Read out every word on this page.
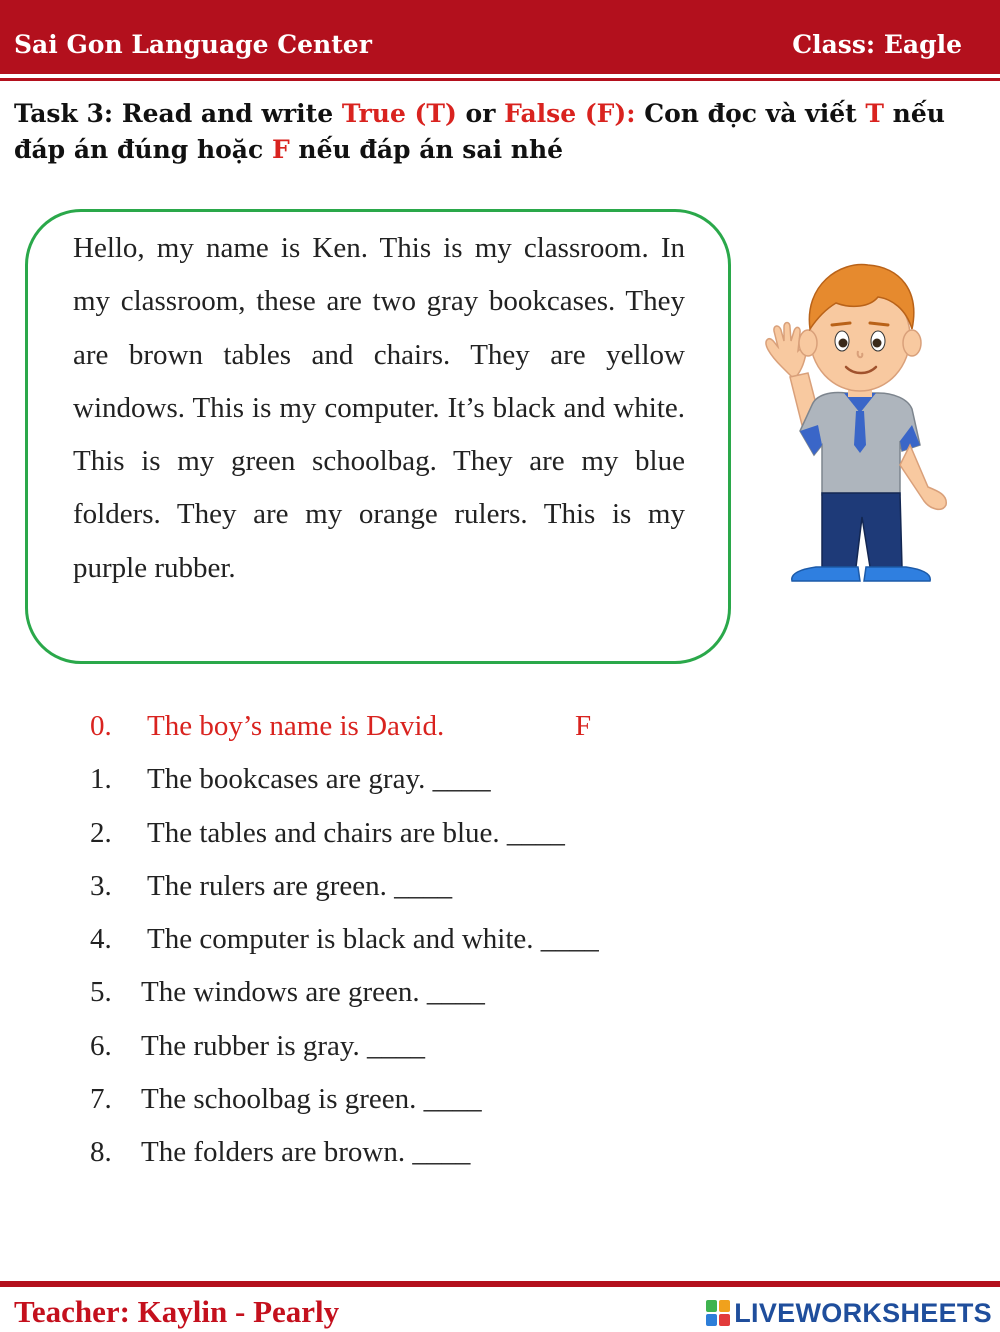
Sai Gon Language Center	Class: Eagle
Task 3: Read and write True (T) or False (F): Con đọc và viết T nếu đáp án đúng hoặc F nếu đáp án sai nhé
Hello, my name is Ken. This is my classroom. In my classroom, these are two gray bookcases. They are brown tables and chairs. They are yellow windows. This is my computer. It’s black and white. This is my green schoolbag. They are my blue folders. They are my orange rulers. This is my purple rubber.
0. The boy’s name is David.	F
1. The bookcases are gray. ____
2. The tables and chairs are blue. ____
3. The rulers are green. ____
4. The computer is black and white. ____
5. The windows are green. ____
6. The rubber is gray. ____
7. The schoolbag is green. ____
8. The folders are brown. ____
Teacher: Kaylin - Pearly	LIVEWORKSHEETS
